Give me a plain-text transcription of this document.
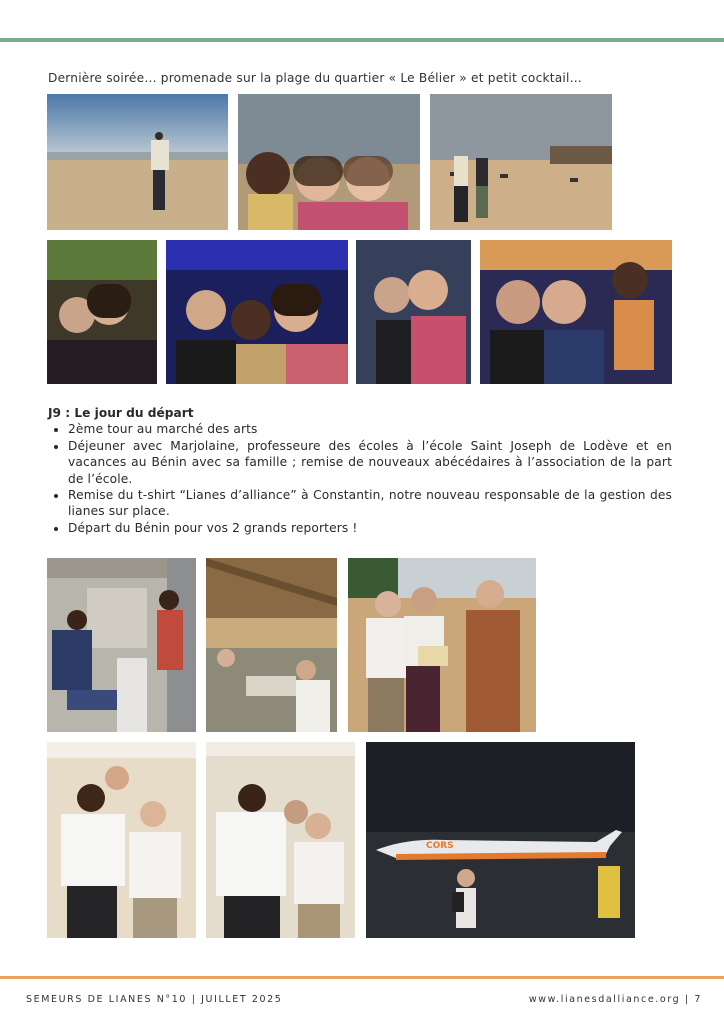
Dernière soirée… promenade sur la plage du quartier « Le Bélier » et petit cocktail…
J9 : Le jour du départ
• 2ème tour au marché des arts
• Déjeuner avec Marjolaine, professeure des écoles à l’école Saint Joseph de Lodève et en vacances au Bénin avec sa famille ; remise de nouveaux abécédaires à l’association de la part de l’école.
• Remise du t-shirt “Lianes d’alliance” à Constantin, notre nouveau responsable de la gestion des lianes sur place.
• Départ du Bénin pour vos 2 grands reporters !
CORS
SEMEURS DE LIANES N°10 | JUILLET 2025	www.lianesdalliance.org | 7
